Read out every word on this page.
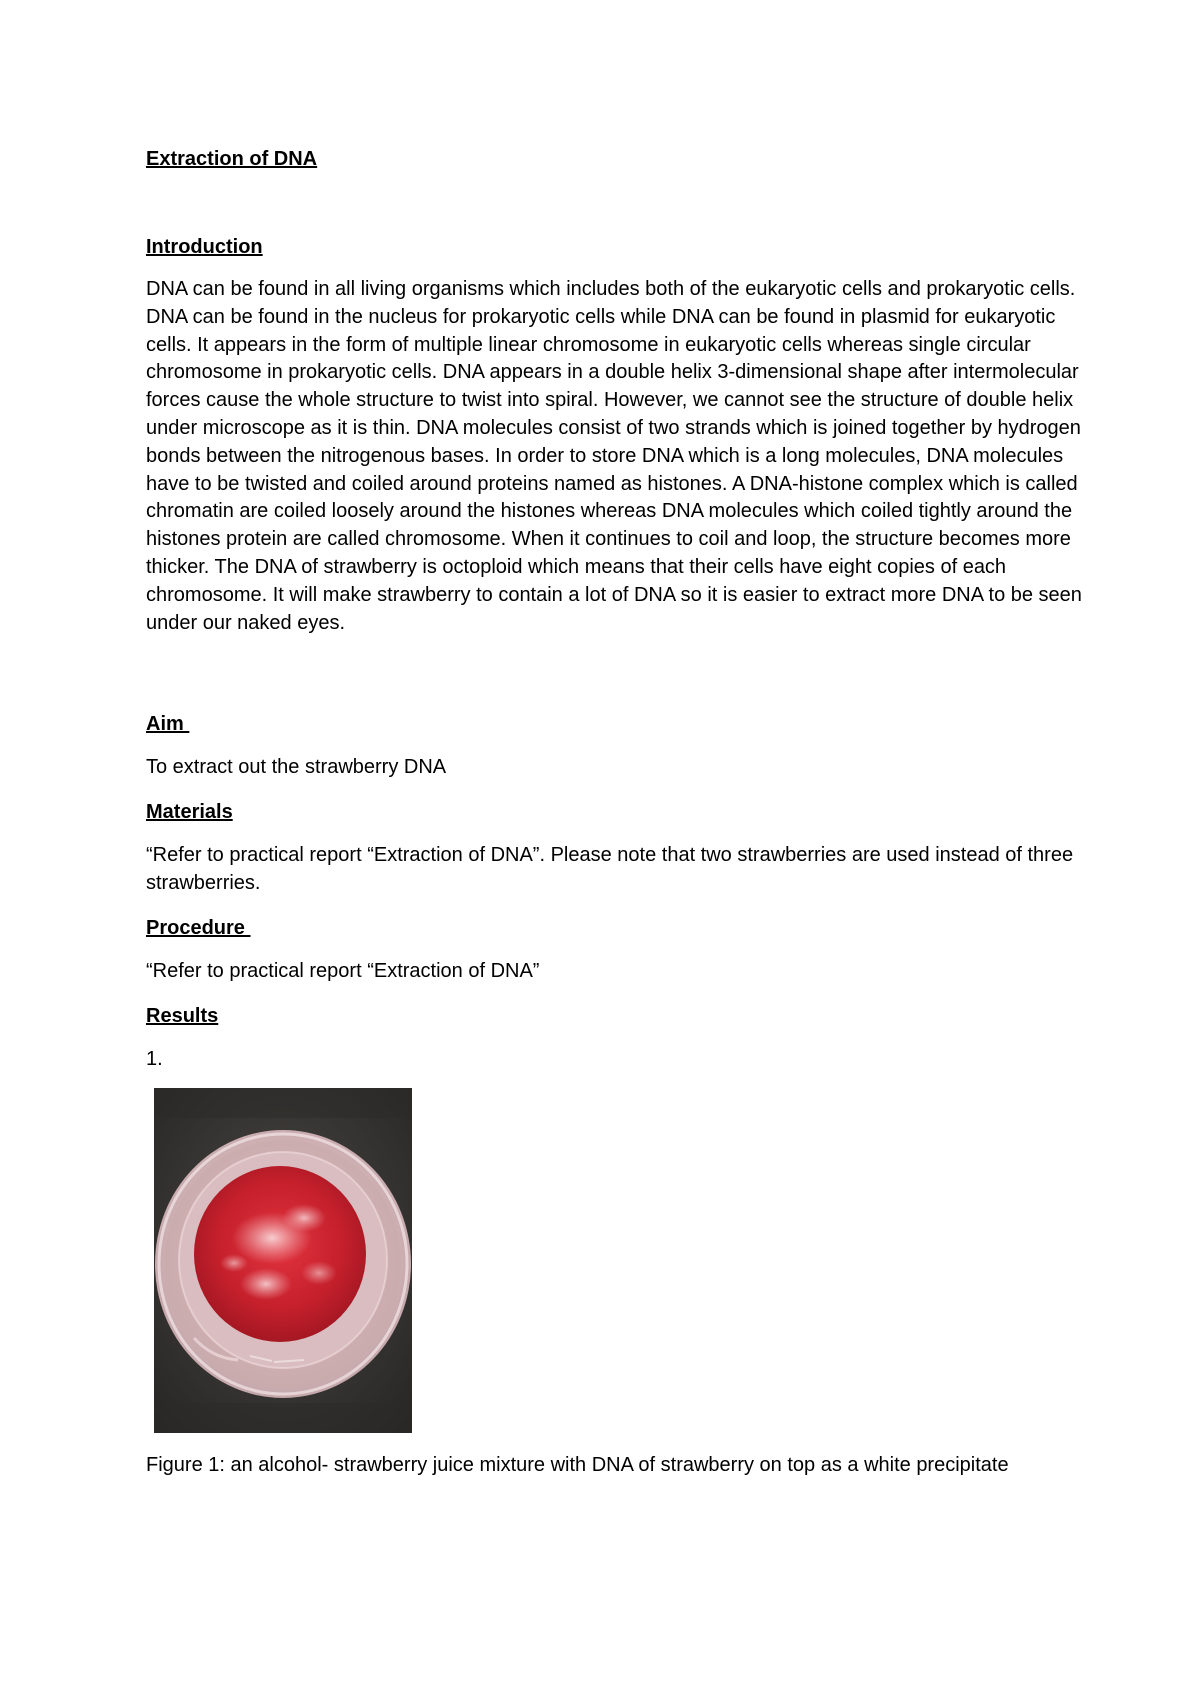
Extraction of DNA
Introduction
DNA can be found in all living organisms which includes both of the eukaryotic cells and prokaryotic cells. DNA can be found in the nucleus for prokaryotic cells while DNA can be found in plasmid for eukaryotic cells. It appears in the form of multiple linear chromosome in eukaryotic cells whereas single circular chromosome in prokaryotic cells. DNA appears in a double helix 3-dimensional shape after intermolecular forces cause the whole structure to twist into spiral. However, we cannot see the structure of double helix under microscope as it is thin. DNA molecules consist of two strands which is joined together by hydrogen bonds between the nitrogenous bases. In order to store DNA which is a long molecules, DNA molecules have to be twisted and coiled around proteins named as histones. A DNA-histone complex which is called chromatin are coiled loosely around the histones whereas DNA molecules which coiled tightly around the histones protein are called chromosome. When it continues to coil and loop, the structure becomes more thicker. The DNA of strawberry is octoploid which means that their cells have eight copies of each chromosome. It will make strawberry to contain a lot of DNA so it is easier to extract more DNA to be seen under our naked eyes.
Aim
To extract out the strawberry DNA
Materials
“Refer to practical report “Extraction of DNA”. Please note that two strawberries are used instead of three strawberries.
Procedure
“Refer to practical report “Extraction of DNA”
Results
1.
Figure 1: an alcohol- strawberry juice mixture with DNA of strawberry on top as a white precipitate
